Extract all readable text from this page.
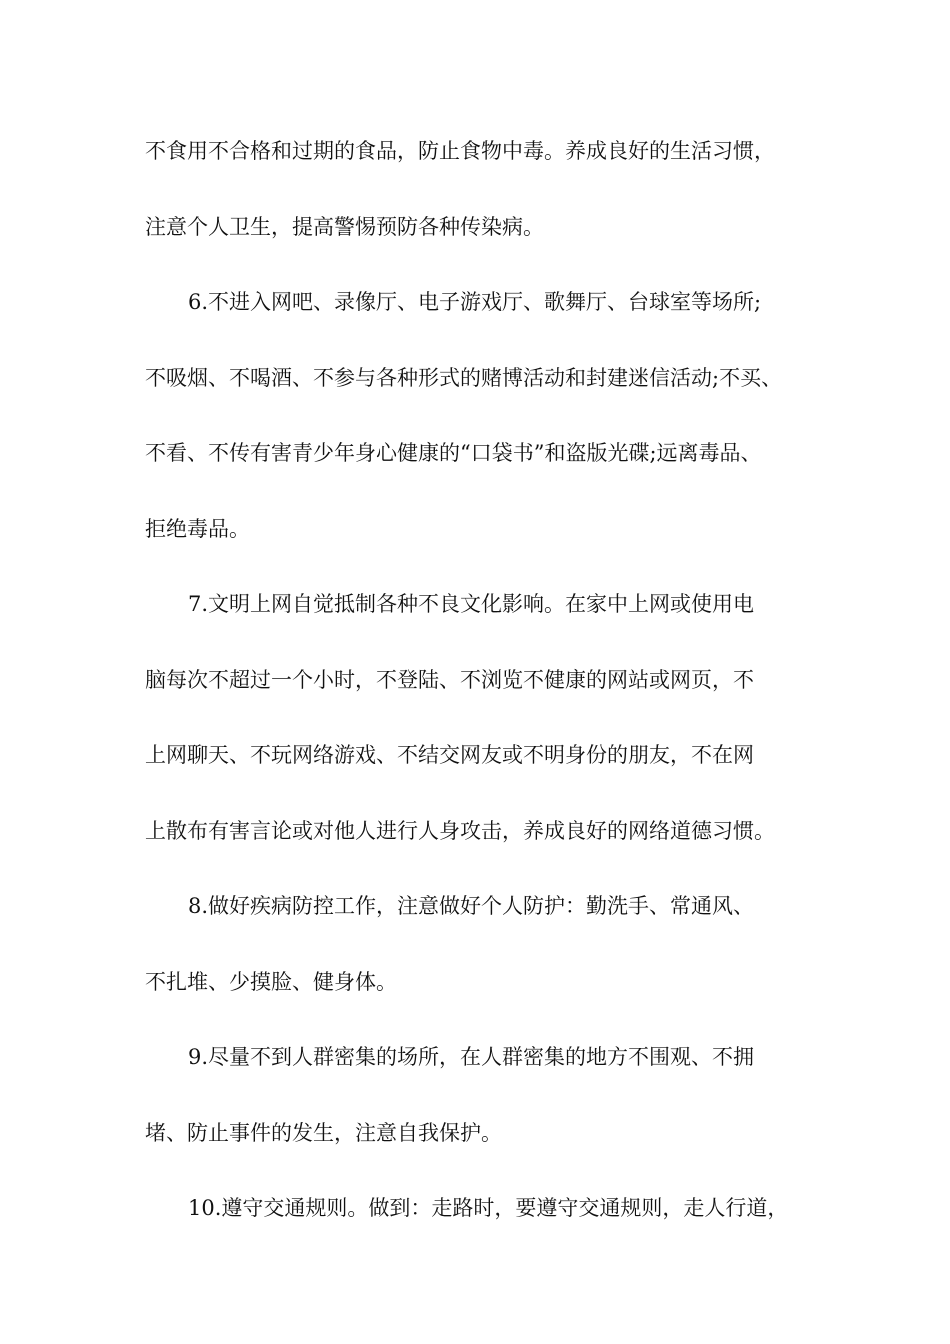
不食用不合格和过期的食品，防止食物中毒。养成良好的生活习惯，
注意个人卫生，提高警惕预防各种传染病。
6.不进入网吧、录像厅、电子游戏厅、歌舞厅、台球室等场所;
不吸烟、不喝酒、不参与各种形式的赌博活动和封建迷信活动;不买、
不看、不传有害青少年身心健康的“口袋书”和盗版光碟;远离毒品、
拒绝毒品。
7.文明上网自觉抵制各种不良文化影响。在家中上网或使用电
脑每次不超过一个小时，不登陆、不浏览不健康的网站或网页，不
上网聊天、不玩网络游戏、不结交网友或不明身份的朋友，不在网
上散布有害言论或对他人进行人身攻击，养成良好的网络道德习惯。
8.做好疾病防控工作，注意做好个人防护：勤洗手、常通风、
不扎堆、少摸脸、健身体。
9.尽量不到人群密集的场所，在人群密集的地方不围观、不拥
堵、防止事件的发生，注意自我保护。
10.遵守交通规则。做到：走路时，要遵守交通规则，走人行道，
